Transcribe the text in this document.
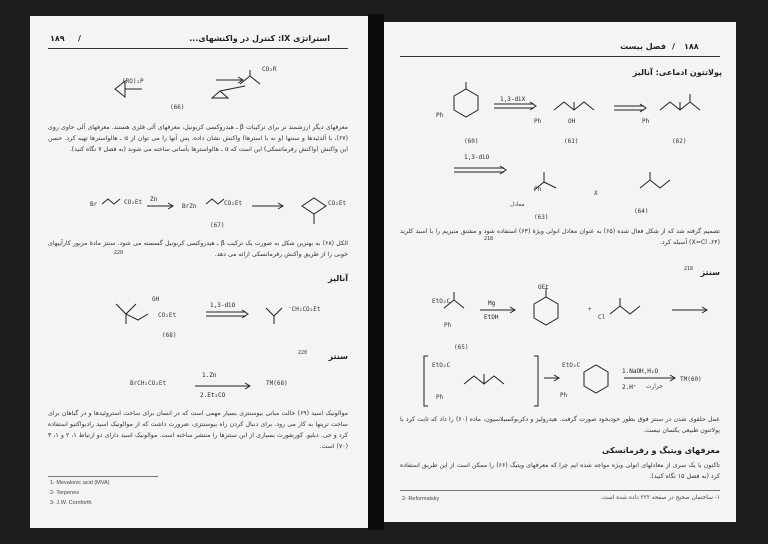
۱۸۹ /	استراتژی IX: کنترل در واکنشهای...
(RO)₂P
CO₂R
(66)
معرفهای دیگر ارزشمند تر برای ترکیبات β ـ هیدروکسی کربونیل، معرفهای آلی فلزی هستند. معرفهای آلی حاوی روی (۶۷)، با آلدئیدها و ستنها (و نه با استرها) واکنش نشان داده، پس آنها را می توان از α ـ هالواسترها تهیه کرد. حسن این واکنش (واکنش رفرماتسکی) این است که α ـ هالواسترها بآسانی ساخته می شوند (به فصل ۷ نگاه کنید).
Br	CO₂Et Zn
BrZn	CO₂Et	CO₂Et
(67)
الکل (۶۸) به بهترین شکل به صورت یک ترکیب β ـ هیدروکسی کربونیل گسسته می شود. سنتز مادهٔ مزبور کارآییهای خوبی را از طریق واکنش رفرماتسکی ارائه می دهد.
220
آنالیز
OH
CO₂Et
1,3-diO
⁻CH₂CO₂Et
(68)
سنتز
220
BrCH₂CO₂Et
1.Zn
2.Et₂CO
TM(68)
موالونیک اسید (۶۹) حالت مبانی بیوسنتزی بسیار مهمی است که در انسان برای ساخت استروئیدها و در گیاهان برای ساخت ترپنها به کار می رود. برای دنبال کردن راه بیوسنتزی، ضرورت داشت که از موالونیک اسید رادیواکتیو استفاده کرد و جی. دبلیو. کورنفورث بسیاری از این سنتزها را منتشر ساخته است. موالونیک اسید دارای دو ارتباط ۱، ۲ و ۱، ۳ (۷۰) است.
1- Mevalonic acid (MVA)
2- Terpenes
3- J.W. Cornforth
۱۸۸
/
فصل بیست
پولاتتون ادماعی: آنالیز
Ph
1,3-diX
OH
Ph	Ph
(60)	(61)	(62)
1,3-diO
Ph
X
معادل
(63)
(64)
تصمیم گرفته شد که از شکل فعال شده (۶۵) به عنوان معادل انولی ویژهٔ (۶۳) استفاده شود و مشتق منیزیم را با اسید کلرید (۶۴، X=Cl) آسیله کرد.
218
سنتز
218
OEt
EtO₂C
Ph
Mg
EtOH
+
Cl
(65)
EtO₂C
Ph
EtO₂C
Ph
1.NaOH,H₂O
2.H⁺ حرارت
TM(60)
عمل حلقوی شدن در سنتز فوق بطور خودبخود صورت گرفت. هیدرولیز و دکربوکسیلاسیون، ماده (۶۰) را داد که ثابت کرد با پولاتتون طبیعی یکسان نیست.
معرفهای ویتیگ و رفرماتسکی
تاکنون با یک سری از معادلهای انولی ویژه مواجه شده ایم چرا که معرفهای ویتیگ (۶۶) را ممکن است از این طریق استفاده کرد (به فصل ۱۵ نگاه کنید).
2- Reformatsky	۱- ساختمان صحیح در صفحه ۲۲۲ داده شده است.
